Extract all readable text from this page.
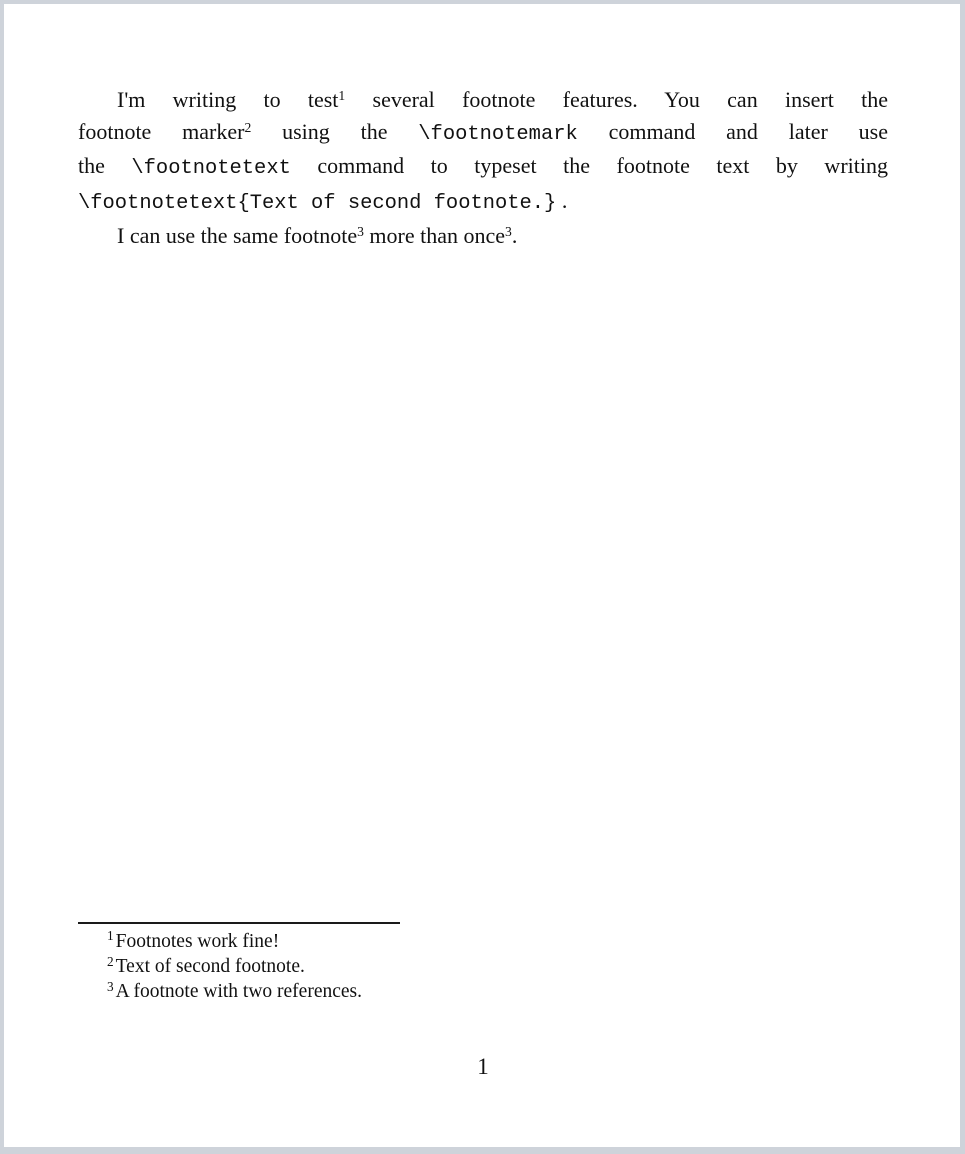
I'm writing to test$^1$ several footnote features. You can insert the
footnote marker$^2$ using the \footnotemark command and later use
the \footnotetext command to typeset the footnote text by writing
\footnotetext{Text of second footnote.} .
I can use the same footnote$^3$ more than once$^3$.
$^1$ Footnotes work fine!
$^2$ Text of second footnote.
$^3$ A footnote with two references.
1
